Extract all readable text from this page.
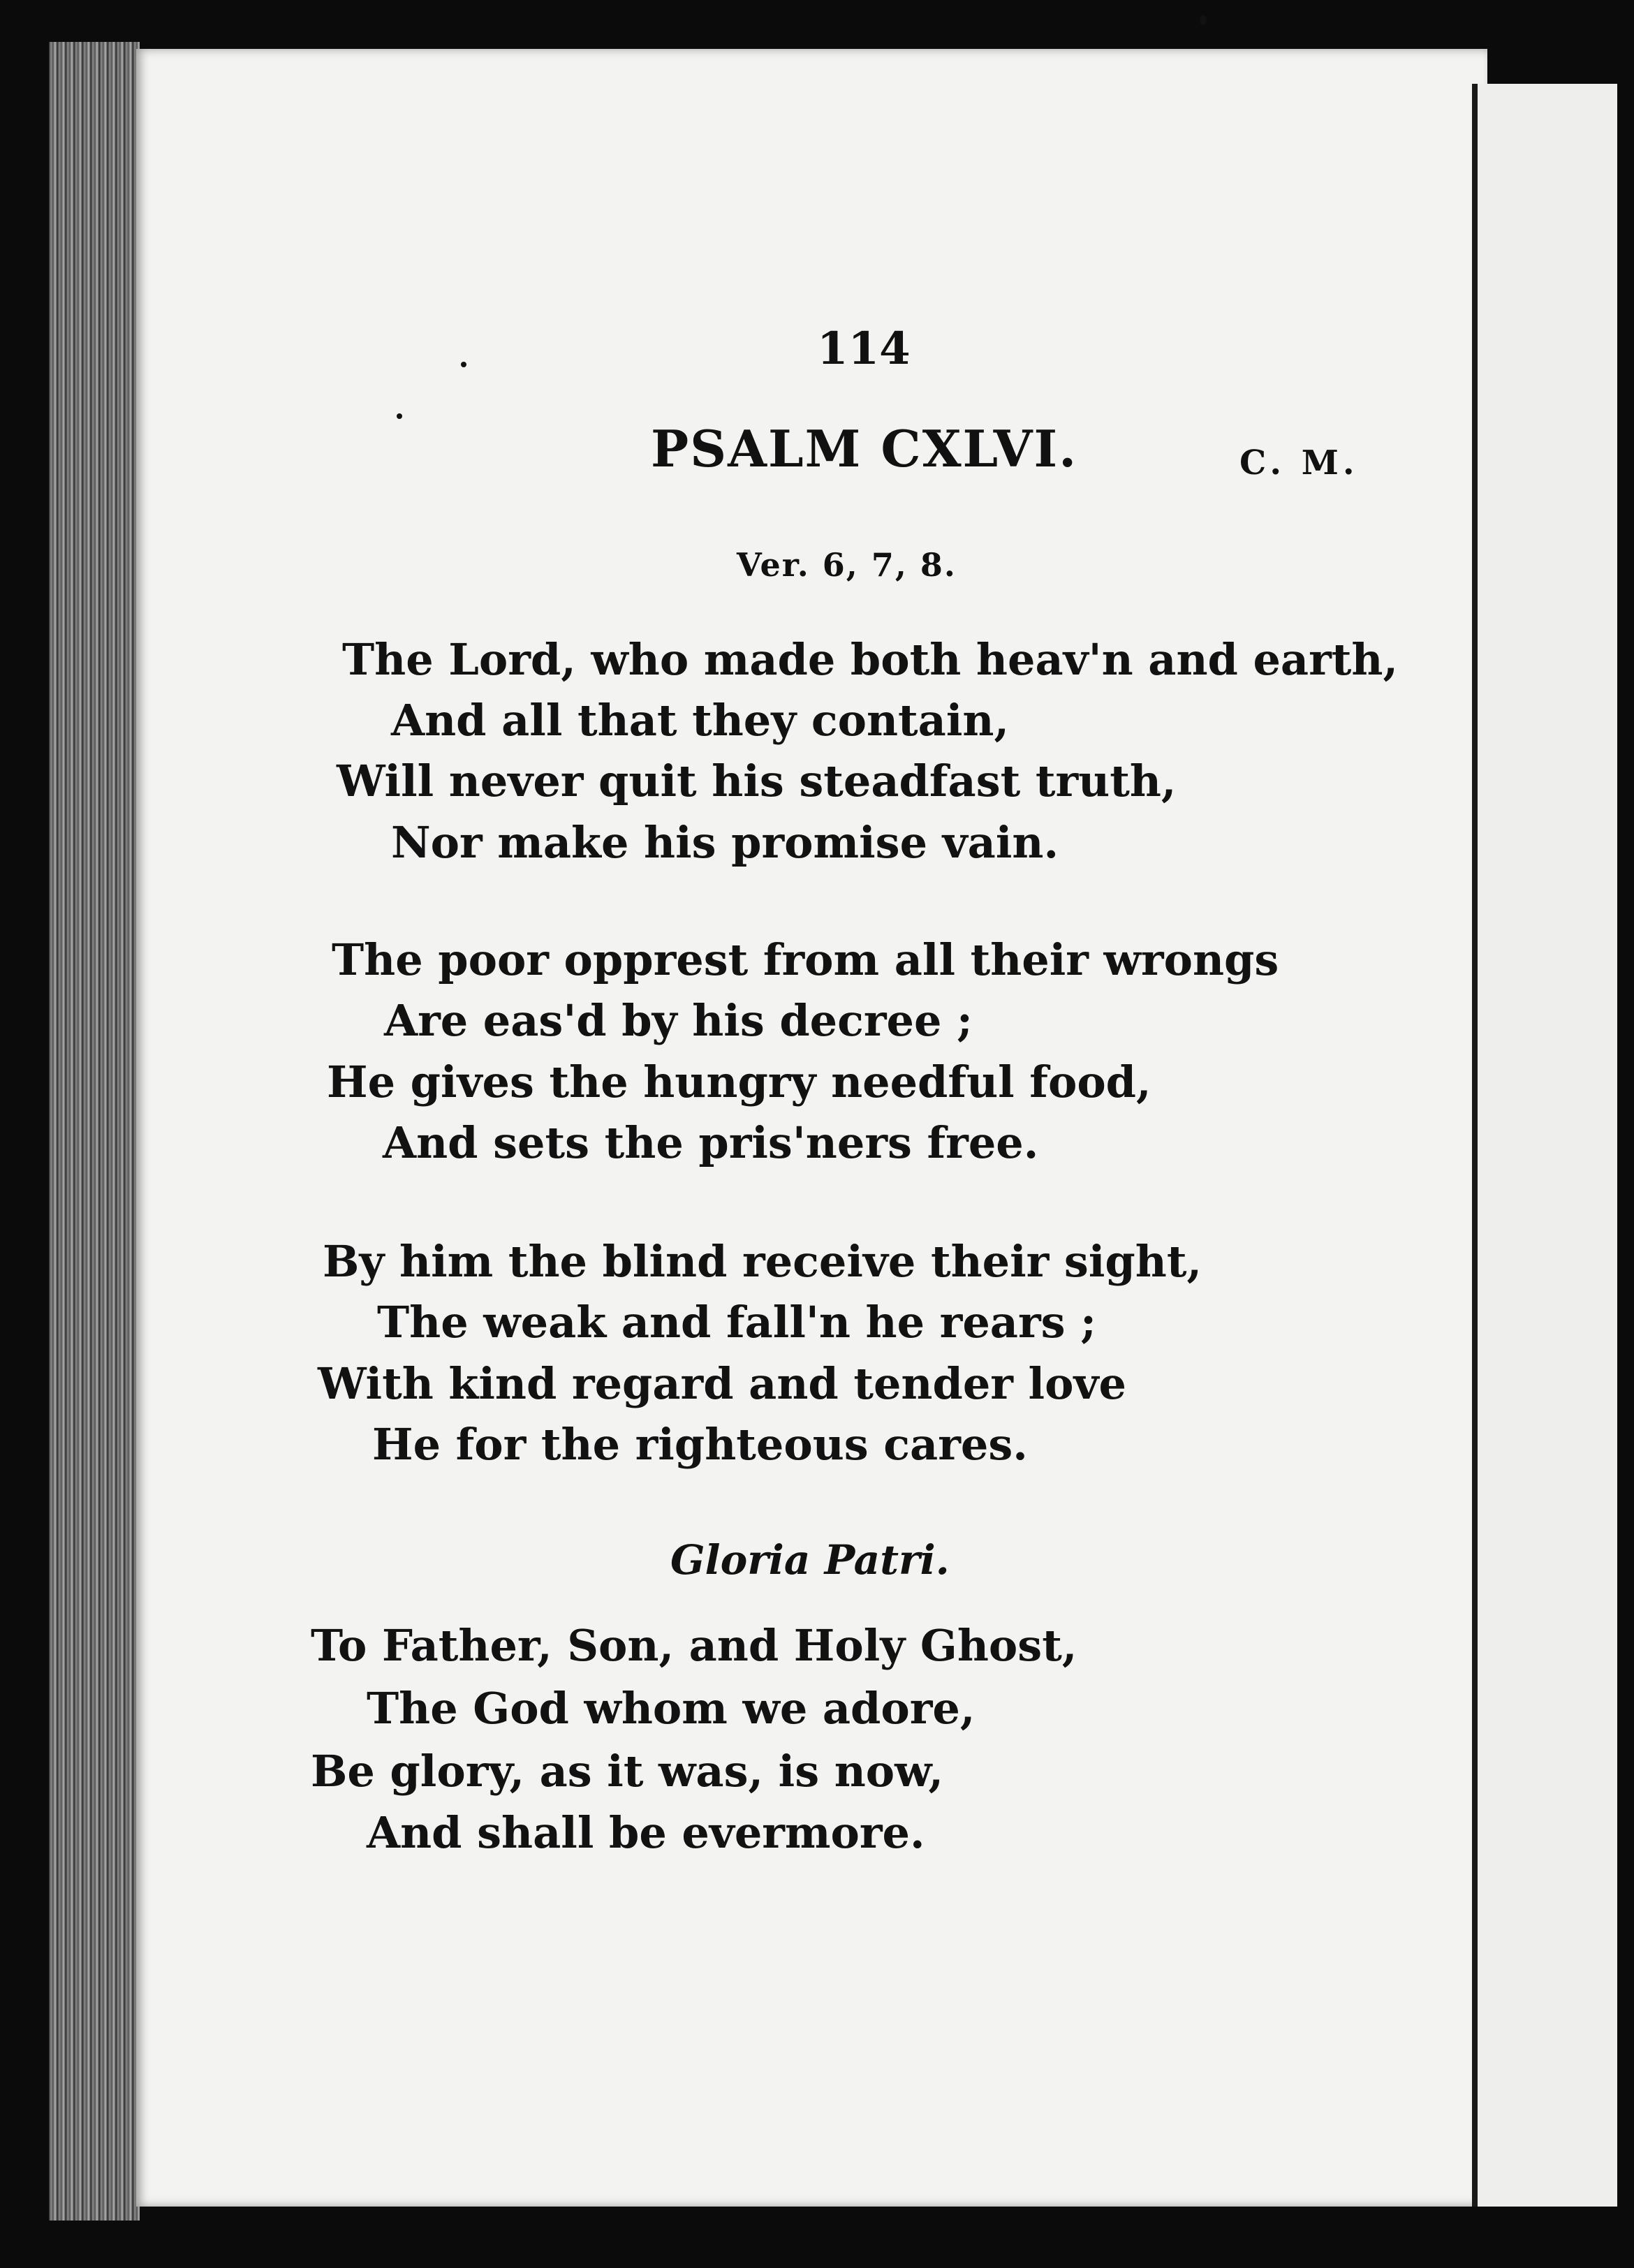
114
PSALM CXLVI.	C. M.
Ver. 6, 7, 8.
The Lord, who made both heav'n and earth,
And all that they contain,
Will never quit his steadfast truth,
Nor make his promise vain.
The poor opprest from all their wrongs
Are eas'd by his decree ;
He gives the hungry needful food,
And sets the pris'ners free.
By him the blind receive their sight,
The weak and fall'n he rears ;
With kind regard and tender love
He for the righteous cares.
Gloria Patri.
To Father, Son, and Holy Ghost,
The God whom we adore,
Be glory, as it was, is now,
And shall be evermore.
